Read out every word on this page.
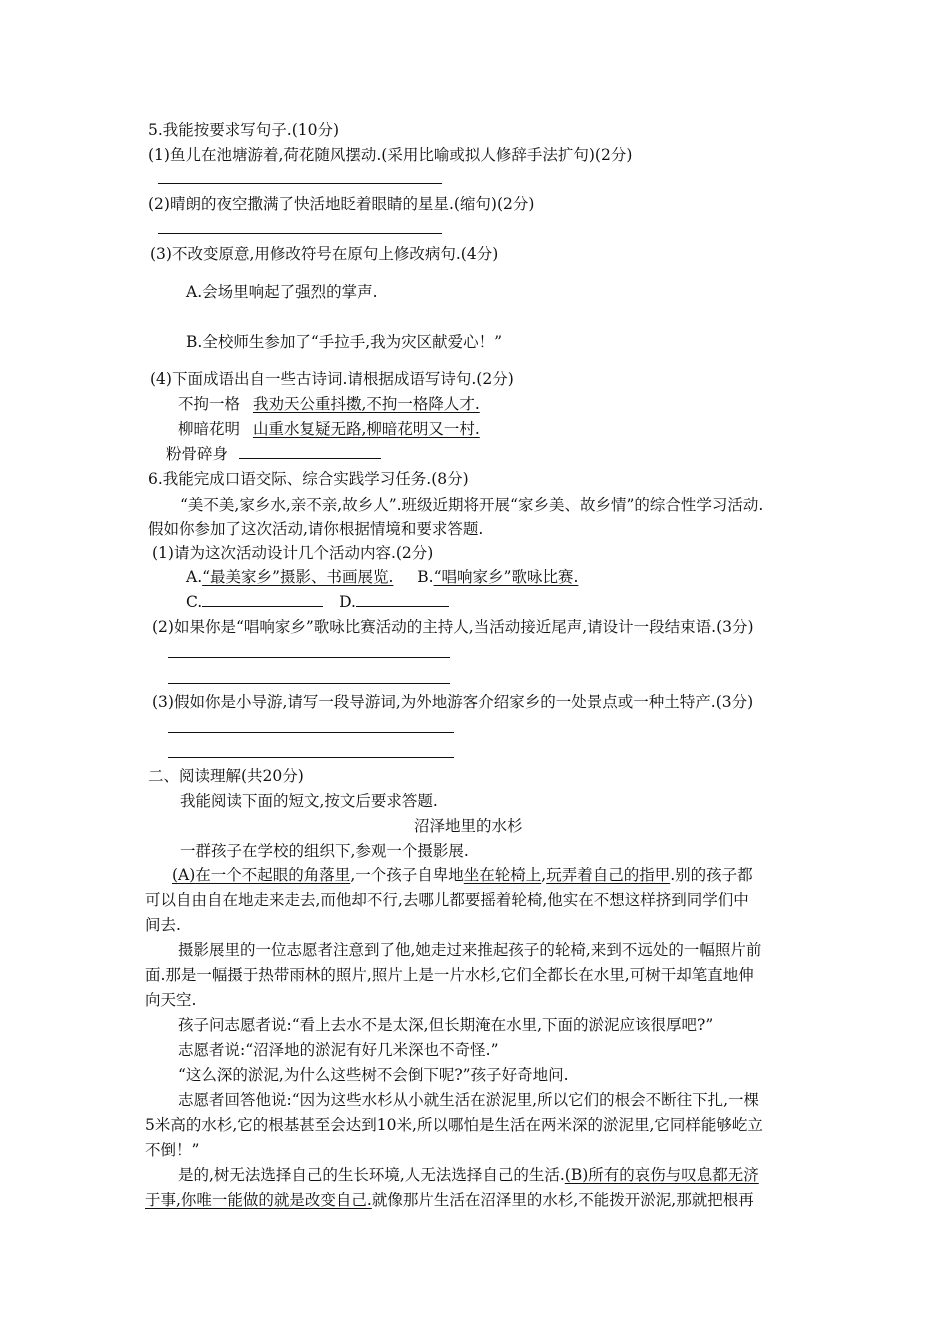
5.我能按要求写句子.(10分)
(1)鱼儿在池塘游着,荷花随风摆动.(采用比喻或拟人修辞手法扩句)(2分)
(2)晴朗的夜空撒满了快活地眨着眼睛的星星.(缩句)(2分)
(3)不改变原意,用修改符号在原句上修改病句.(4分)
A.会场里响起了强烈的掌声.
B.全校师生参加了“手拉手,我为灾区献爱心！”
(4)下面成语出自一些古诗词.请根据成语写诗句.(2分)
不拘一格 我劝天公重抖擞,不拘一格降人才.
柳暗花明 山重水复疑无路,柳暗花明又一村.
粉骨碎身
6.我能完成口语交际、综合实践学习任务.(8分)
“美不美,家乡水,亲不亲,故乡人”.班级近期将开展“家乡美、故乡情”的综合性学习活动.
假如你参加了这次活动,请你根据情境和要求答题.
(1)请为这次活动设计几个活动内容.(2分)
A.“最美家乡”摄影、书画展览. B.“唱响家乡”歌咏比赛.
C.	D.
(2)如果你是“唱响家乡”歌咏比赛活动的主持人,当活动接近尾声,请设计一段结束语.(3分)
(3)假如你是小导游,请写一段导游词,为外地游客介绍家乡的一处景点或一种土特产.(3分)
二、阅读理解(共20分)
我能阅读下面的短文,按文后要求答题.
沼泽地里的水杉
一群孩子在学校的组织下,参观一个摄影展.
(A)在一个不起眼的角落里,一个孩子自卑地坐在轮椅上,玩弄着自己的指甲.别的孩子都
可以自由自在地走来走去,而他却不行,去哪儿都要摇着轮椅,他实在不想这样挤到同学们中
间去.
摄影展里的一位志愿者注意到了他,她走过来推起孩子的轮椅,来到不远处的一幅照片前
面.那是一幅摄于热带雨林的照片,照片上是一片水杉,它们全都长在水里,可树干却笔直地伸
向天空.
孩子问志愿者说:“看上去水不是太深,但长期淹在水里,下面的淤泥应该很厚吧?”
志愿者说:“沼泽地的淤泥有好几米深也不奇怪.”
“这么深的淤泥,为什么这些树不会倒下呢?”孩子好奇地问.
志愿者回答他说:“因为这些水杉从小就生活在淤泥里,所以它们的根会不断往下扎,一棵
5米高的水杉,它的根基甚至会达到10米,所以哪怕是生活在两米深的淤泥里,它同样能够屹立
不倒！”
是的,树无法选择自己的生长环境,人无法选择自己的生活.(B)所有的哀伤与叹息都无济
于事,你唯一能做的就是改变自己.就像那片生活在沼泽里的水杉,不能拨开淤泥,那就把根再
